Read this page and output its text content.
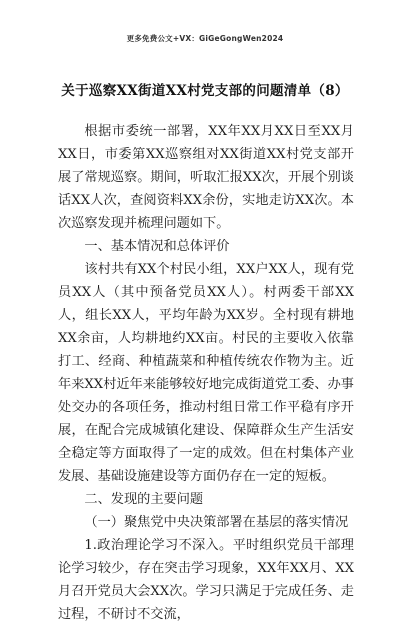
更多免费公文+VX：GiGeGongWen2024
关于巡察XX街道XX村党支部的问题清单（8）

根据市委统一部署，XX年XX月XX日至XX月XX日，市委第XX巡察组对XX街道XX村党支部开展了常规巡察。期间，听取汇报XX次，开展个别谈话XX人次，查阅资料XX余份，实地走访XX次。本次巡察发现并梳理问题如下。

一、基本情况和总体评价

该村共有XX个村民小组，XX户XX人，现有党员XX人（其中预备党员XX人）。村两委干部XX人，组长XX人，平均年龄为XX岁。全村现有耕地XX余亩，人均耕地约XX亩。村民的主要收入依靠打工、经商、种植蔬菜和种植传统农作物为主。近年来XX村近年来能够较好地完成街道党工委、办事处交办的各项任务，推动村组日常工作平稳有序开展，在配合完成城镇化建设、保障群众生产生活安全稳定等方面取得了一定的成效。但在村集体产业发展、基础设施建设等方面仍存在一定的短板。

二、发现的主要问题

（一）聚焦党中央决策部署在基层的落实情况

1.政治理论学习不深入。平时组织党员干部理论学习较少，存在突击学习现象，XX年XX月、XX月召开党员大会XX次。学习只满足于完成任务、走过程，不研讨不交流，
